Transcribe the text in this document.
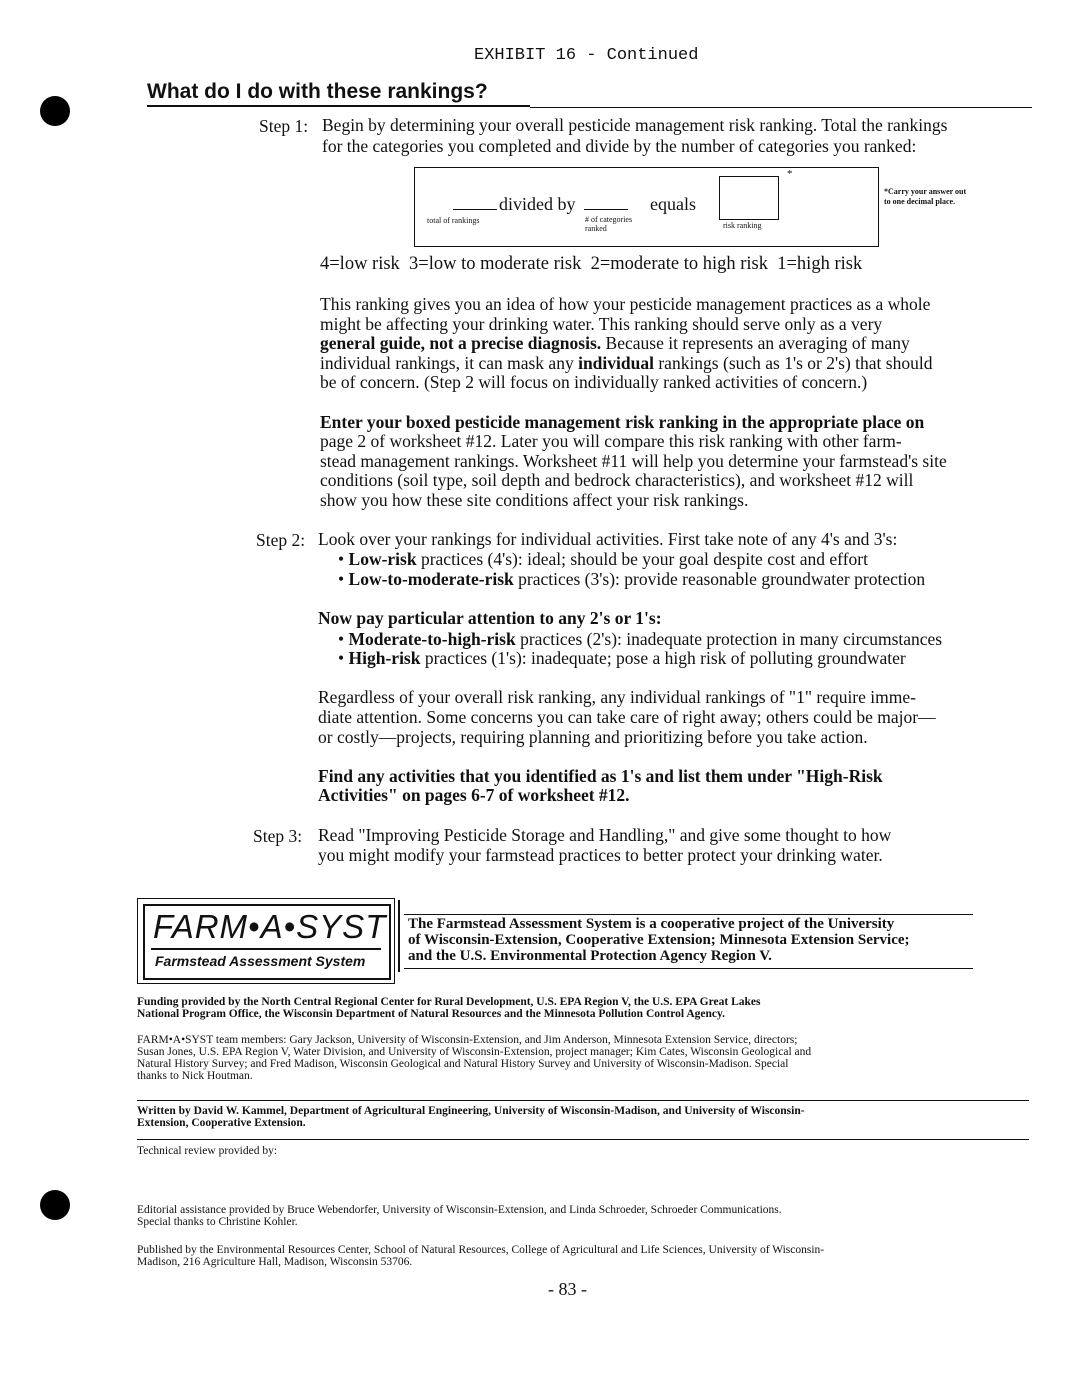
EXHIBIT 16 - Continued
What do I do with these rankings?
Step 1: Begin by determining your overall pesticide management risk ranking. Total the rankings
for the categories you completed and divide by the number of categories you ranked:
divided by	equals
*
total of rankings	# of categories
ranked	risk ranking
*Carry your answer out
to one decimal place.
4=low risk  3=low to moderate risk  2=moderate to high risk  1=high risk
This ranking gives you an idea of how your pesticide management practices as a whole
might be affecting your drinking water. This ranking should serve only as a very
general guide, not a precise diagnosis. Because it represents an averaging of many
individual rankings, it can mask any individual rankings (such as 1's or 2's) that should
be of concern. (Step 2 will focus on individually ranked activities of concern.)
Enter your boxed pesticide management risk ranking in the appropriate place on
page 2 of worksheet #12. Later you will compare this risk ranking with other farm-
stead management rankings. Worksheet #11 will help you determine your farmstead's site
conditions (soil type, soil depth and bedrock characteristics), and worksheet #12 will
show you how these site conditions affect your risk rankings.
Step 2: Look over your rankings for individual activities. First take note of any 4's and 3's:
• Low-risk practices (4's): ideal; should be your goal despite cost and effort
• Low-to-moderate-risk practices (3's): provide reasonable groundwater protection
Now pay particular attention to any 2's or 1's:
• Moderate-to-high-risk practices (2's): inadequate protection in many circumstances
• High-risk practices (1's): inadequate; pose a high risk of polluting groundwater
Regardless of your overall risk ranking, any individual rankings of "1" require imme-
diate attention. Some concerns you can take care of right away; others could be major—
or costly—projects, requiring planning and prioritizing before you take action.
Find any activities that you identified as 1's and list them under "High-Risk
Activities" on pages 6-7 of worksheet #12.
Step 3: Read "Improving Pesticide Storage and Handling," and give some thought to how
you might modify your farmstead practices to better protect your drinking water.
FARM•A•SYST
Farmstead Assessment System
The Farmstead Assessment System is a cooperative project of the University
of Wisconsin-Extension, Cooperative Extension; Minnesota Extension Service;
and the U.S. Environmental Protection Agency Region V.
Funding provided by the North Central Regional Center for Rural Development, U.S. EPA Region V, the U.S. EPA Great Lakes
National Program Office, the Wisconsin Department of Natural Resources and the Minnesota Pollution Control Agency.
FARM•A•SYST team members: Gary Jackson, University of Wisconsin-Extension, and Jim Anderson, Minnesota Extension Service, directors;
Susan Jones, U.S. EPA Region V, Water Division, and University of Wisconsin-Extension, project manager; Kim Cates, Wisconsin Geological and
Natural History Survey; and Fred Madison, Wisconsin Geological and Natural History Survey and University of Wisconsin-Madison. Special
thanks to Nick Houtman.
Written by David W. Kammel, Department of Agricultural Engineering, University of Wisconsin-Madison, and University of Wisconsin-
Extension, Cooperative Extension.
Technical review provided by:
Editorial assistance provided by Bruce Webendorfer, University of Wisconsin-Extension, and Linda Schroeder, Schroeder Communications.
Special thanks to Christine Kohler.
Published by the Environmental Resources Center, School of Natural Resources, College of Agricultural and Life Sciences, University of Wisconsin-
Madison, 216 Agriculture Hall, Madison, Wisconsin 53706.
- 83 -
